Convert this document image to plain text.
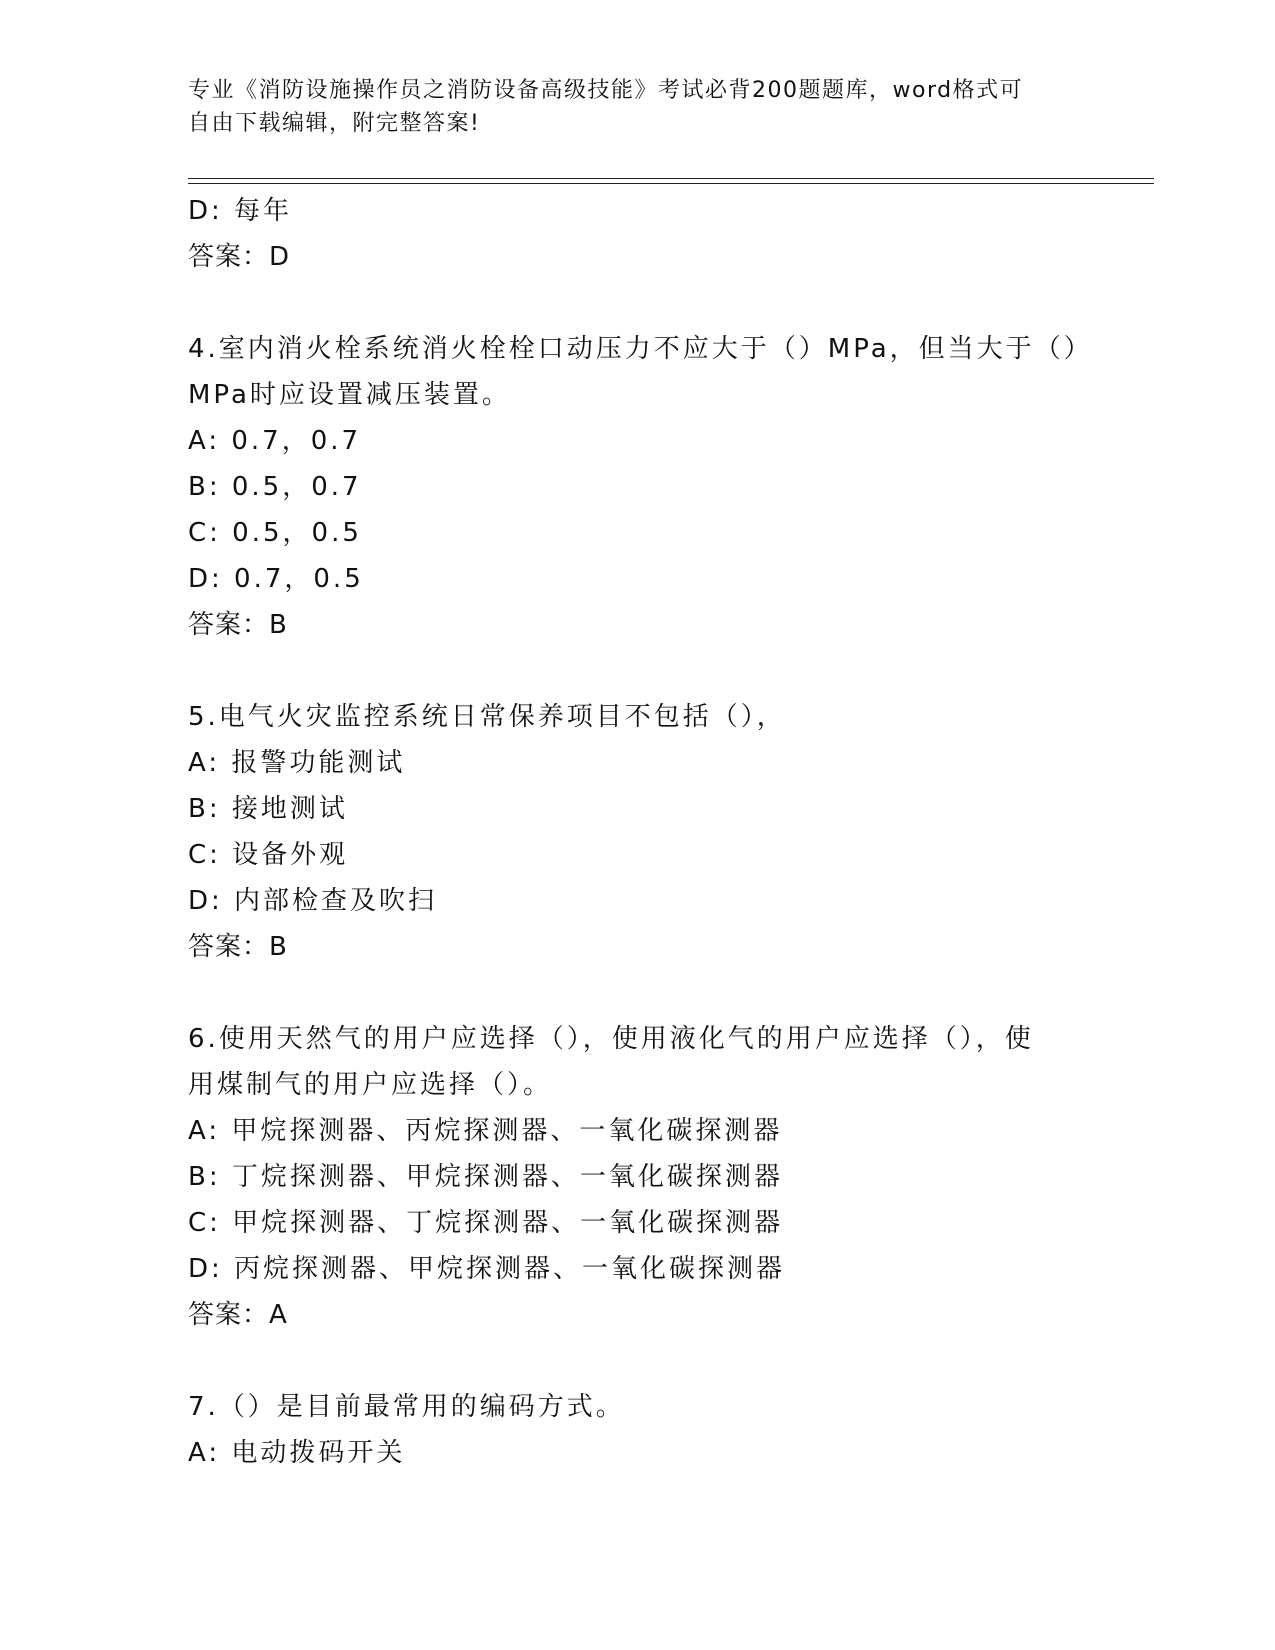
专业《消防设施操作员之消防设备高级技能》考试必背200题题库，word格式可
自由下载编辑，附完整答案!
D: 每年
答案：D
4.室内消火栓系统消火栓栓口动压力不应大于（）MPa，但当大于（）
MPa时应设置减压装置。
A: 0.7，0.7
B: 0.5，0.7
C: 0.5，0.5
D: 0.7，0.5
答案：B
5.电气火灾监控系统日常保养项目不包括（），
A: 报警功能测试
B: 接地测试
C: 设备外观
D: 内部检查及吹扫
答案：B
6.使用天然气的用户应选择（），使用液化气的用户应选择（），使
用煤制气的用户应选择（）。
A: 甲烷探测器、丙烷探测器、一氧化碳探测器
B: 丁烷探测器、甲烷探测器、一氧化碳探测器
C: 甲烷探测器、丁烷探测器、一氧化碳探测器
D: 丙烷探测器、甲烷探测器、一氧化碳探测器
答案：A
7.（）是目前最常用的编码方式。
A: 电动拨码开关
